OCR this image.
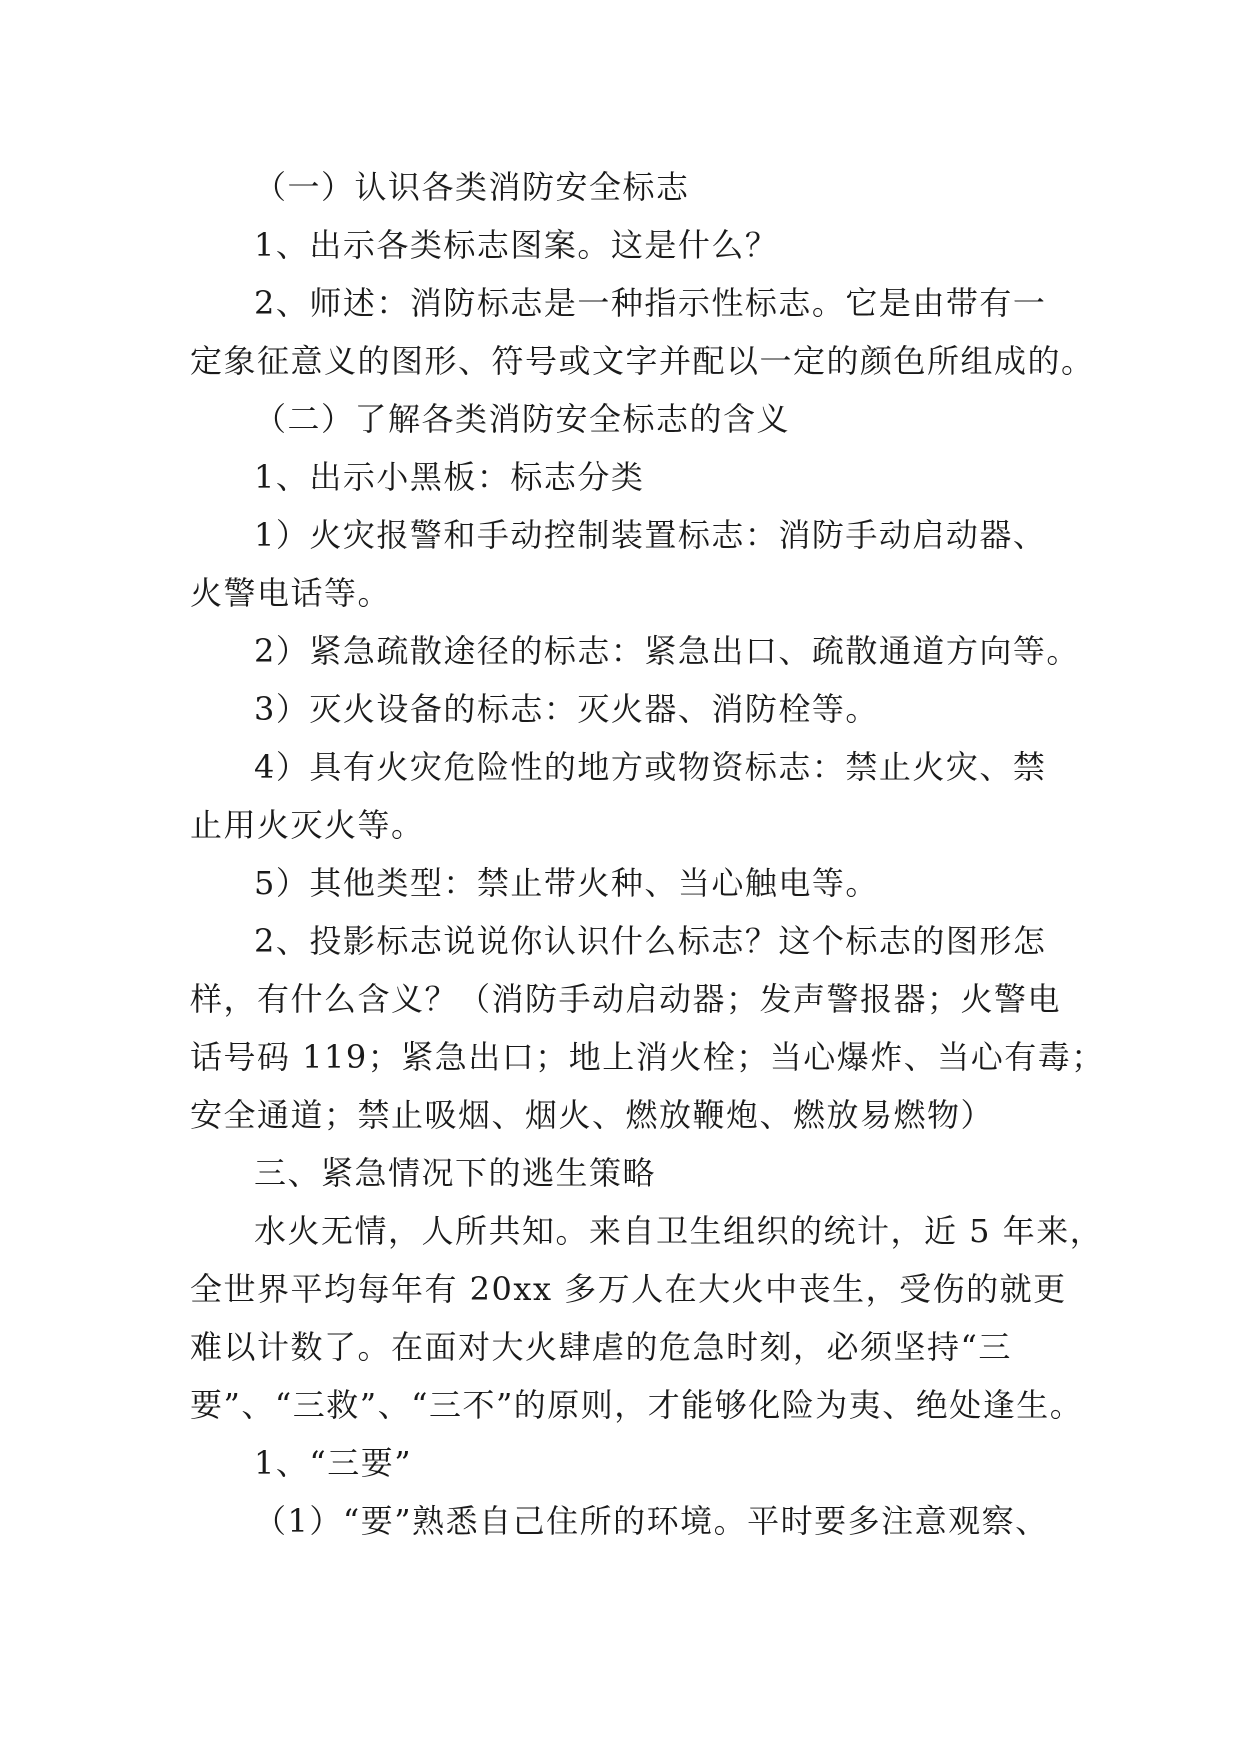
（一）认识各类消防安全标志

1、出示各类标志图案。这是什么？

2、师述：消防标志是一种指示性标志。它是由带有一

定象征意义的图形、符号或文字并配以一定的颜色所组成的。

（二）了解各类消防安全标志的含义

1、出示小黑板：标志分类

1）火灾报警和手动控制装置标志：消防手动启动器、

火警电话等。

2）紧急疏散途径的标志：紧急出口、疏散通道方向等。

3）灭火设备的标志：灭火器、消防栓等。

4）具有火灾危险性的地方或物资标志：禁止火灾、禁

止用火灭火等。

5）其他类型：禁止带火种、当心触电等。

2、投影标志说说你认识什么标志？这个标志的图形怎

样，有什么含义？（消防手动启动器；发声警报器；火警电

话号码 119；紧急出口；地上消火栓；当心爆炸、当心有毒；

安全通道；禁止吸烟、烟火、燃放鞭炮、燃放易燃物）

三、紧急情况下的逃生策略

水火无情，人所共知。来自卫生组织的统计，近 5 年来，

全世界平均每年有 20xx 多万人在大火中丧生，受伤的就更

难以计数了。在面对大火肆虐的危急时刻，必须坚持“三

要”、“三救”、“三不”的原则，才能够化险为夷、绝处逢生。

1、“三要”

（1）“要”熟悉自己住所的环境。平时要多注意观察、
